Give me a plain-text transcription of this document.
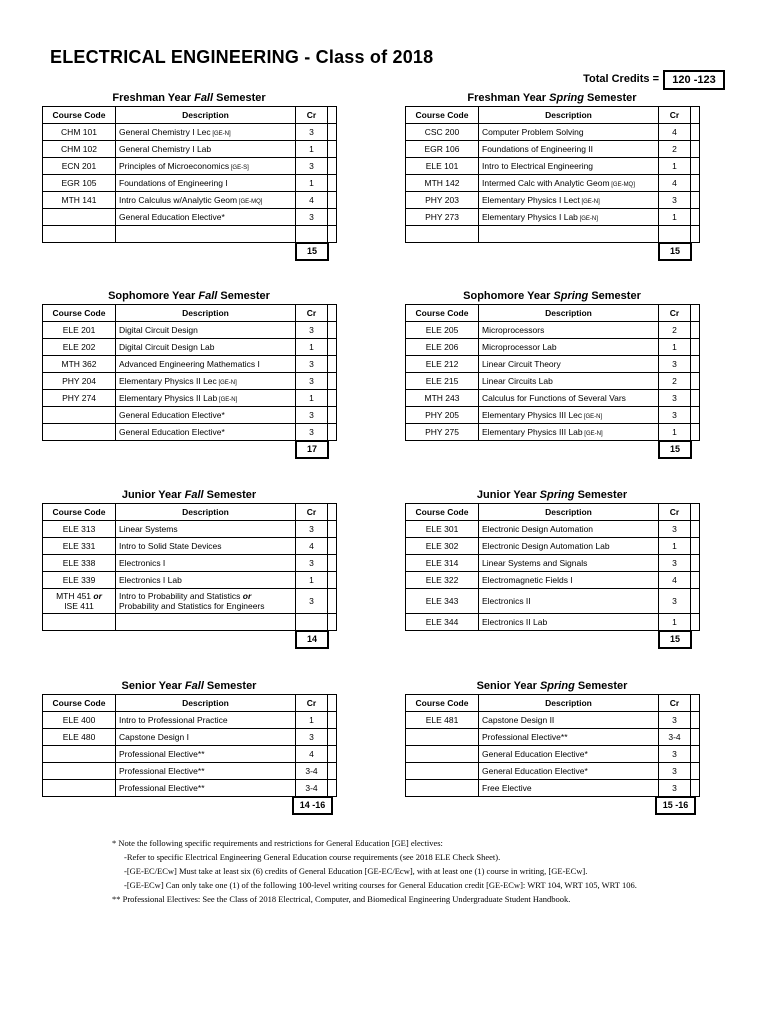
ELECTRICAL ENGINEERING - Class of 2018
Total Credits =	120 -123
Freshman Year Fall Semester
Course Code	Description	Cr	
CHM 101	General Chemistry I Lec [GE-N]	3	
CHM 102	General Chemistry I Lab	1	
ECN 201	Principles of Microeconomics [GE-S]	3	
EGR 105	Foundations of Engineering I	1	
MTH 141	Intro Calculus w/Analytic Geom [GE-MQ]	4	
	General Education Elective*	3	

15
Freshman Year Spring Semester
Course Code	Description	Cr	
CSC 200	Computer Problem Solving	4	
EGR 106	Foundations of Engineering II	2	
ELE 101	Intro to Electrical Engineering	1	
MTH 142	Intermed Calc with Analytic Geom [GE-MQ]	4	
PHY 203	Elementary Physics I Lect [GE-N]	3	
PHY 273	Elementary Physics I Lab [GE-N]	1	

15
Sophomore Year Fall Semester
Course Code	Description	Cr	
ELE 201	Digital Circuit Design	3	
ELE 202	Digital Circuit Design Lab	1	
MTH 362	Advanced Engineering Mathematics I	3	
PHY 204	Elementary Physics II Lec [GE-N]	3	
PHY 274	Elementary Physics II Lab [GE-N]	1	
	General Education Elective*	3	
	General Education Elective*	3	
17
Sophomore Year Spring Semester
Course Code	Description	Cr	
ELE 205	Microprocessors	2	
ELE 206	Microprocessor Lab	1	
ELE 212	Linear Circuit Theory	3	
ELE 215	Linear Circuits Lab	2	
MTH 243	Calculus for Functions of Several Vars	3	
PHY 205	Elementary Physics III Lec [GE-N]	3	
PHY 275	Elementary Physics III Lab [GE-N]	1	
15
Junior Year Fall Semester
Course Code	Description	Cr	
ELE 313	Linear Systems	3	
ELE 331	Intro to Solid State Devices	4	
ELE 338	Electronics I	3	
ELE 339	Electronics I Lab	1	
MTH 451 or
ISE 411	Intro to Probability and Statistics or
Probability and Statistics for Engineers	3	

14
Junior Year Spring Semester
Course Code	Description	Cr	
ELE 301	Electronic Design Automation	3	
ELE 302	Electronic Design Automation Lab	1	
ELE 314	Linear Systems and Signals	3	
ELE 322	Electromagnetic Fields I	4	
ELE 343	Electronics II	3	
ELE 344	Electronics II Lab	1	
15
Senior Year Fall Semester
Course Code	Description	Cr	
ELE 400	Intro to Professional Practice	1	
ELE 480	Capstone Design I	3	
	Professional Elective**	4	
	Professional Elective**	3-4	
	Professional Elective**	3-4	
14 -16
Senior Year Spring Semester
Course Code	Description	Cr	
ELE 481	Capstone Design II	3	
	Professional Elective**	3-4	
	General Education Elective*	3	
	General Education Elective*	3	
	Free Elective	3	
15 -16
* Note the following specific requirements and restrictions for General Education [GE] electives:
-Refer to specific Electrical Engineering General Education course requirements (see 2018 ELE Check Sheet).
-[GE-EC/ECw] Must take at least six (6) credits of General Education [GE-EC/Ecw], with at least one (1) course in writing, [GE-ECw].
-[GE-ECw] Can only take one (1) of the following 100-level writing courses for General Education credit [GE-ECw]: WRT 104, WRT 105, WRT 106.
** Professional Electives: See the Class of 2018 Electrical, Computer, and Biomedical Engineering Undergraduate Student Handbook.
